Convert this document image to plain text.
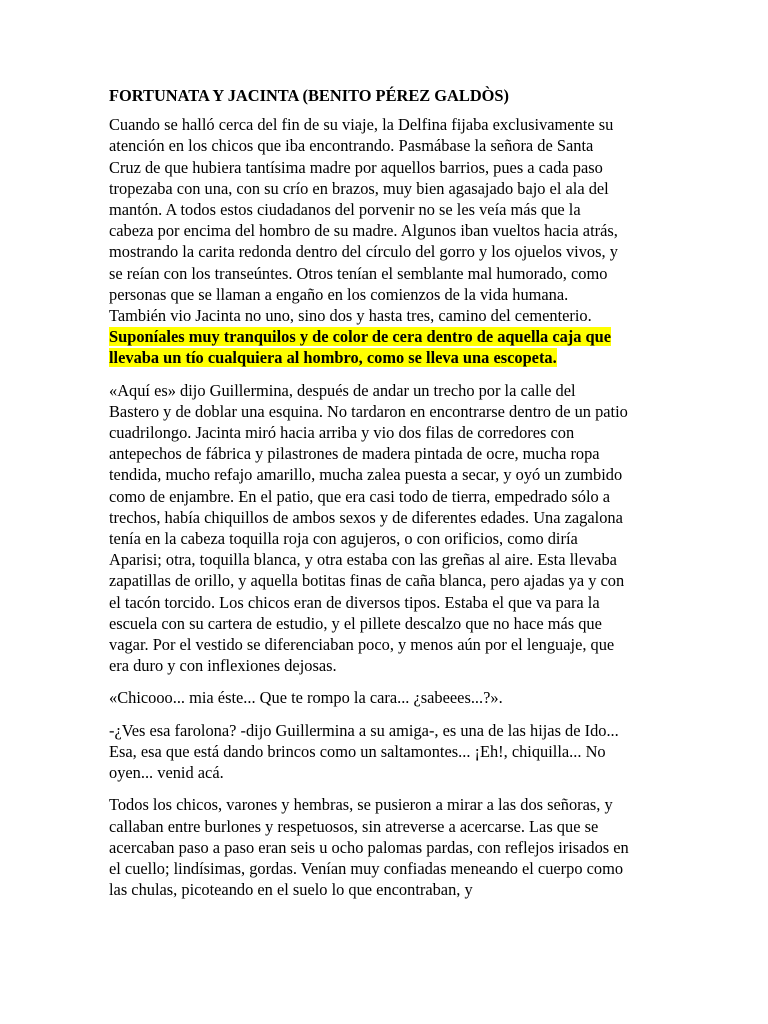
FORTUNATA Y JACINTA (BENITO PÉREZ GALDÒS)

Cuando se halló cerca del fin de su viaje, la Delfina fijaba exclusivamente su atención en los chicos que iba encontrando. Pasmábase la señora de Santa Cruz de que hubiera tantísima madre por aquellos barrios, pues a cada paso tropezaba con una, con su crío en brazos, muy bien agasajado bajo el ala del mantón. A todos estos ciudadanos del porvenir no se les veía más que la cabeza por encima del hombro de su madre. Algunos iban vueltos hacia atrás, mostrando la carita redonda dentro del círculo del gorro y los ojuelos vivos, y se reían con los transeúntes. Otros tenían el semblante mal humorado, como personas que se llaman a engaño en los comienzos de la vida humana. También vio Jacinta no uno, sino dos y hasta tres, camino del cementerio. Suponíales muy tranquilos y de color de cera dentro de aquella caja que llevaba un tío cualquiera al hombro, como se lleva una escopeta.

«Aquí es» dijo Guillermina, después de andar un trecho por la calle del Bastero y de doblar una esquina. No tardaron en encontrarse dentro de un patio cuadrilongo. Jacinta miró hacia arriba y vio dos filas de corredores con antepechos de fábrica y pilastrones de madera pintada de ocre, mucha ropa tendida, mucho refajo amarillo, mucha zalea puesta a secar, y oyó un zumbido como de enjambre. En el patio, que era casi todo de tierra, empedrado sólo a trechos, había chiquillos de ambos sexos y de diferentes edades. Una zagalona tenía en la cabeza toquilla roja con agujeros, o con orificios, como diría Aparisi; otra, toquilla blanca, y otra estaba con las greñas al aire. Esta llevaba zapatillas de orillo, y aquella botitas finas de caña blanca, pero ajadas ya y con el tacón torcido. Los chicos eran de diversos tipos. Estaba el que va para la escuela con su cartera de estudio, y el pillete descalzo que no hace más que vagar. Por el vestido se diferenciaban poco, y menos aún por el lenguaje, que era duro y con inflexiones dejosas.

«Chicooo... mia éste... Que te rompo la cara... ¿sabeees...?».

-¿Ves esa farolona? -dijo Guillermina a su amiga-, es una de las hijas de Ido... Esa, esa que está dando brincos como un saltamontes... ¡Eh!, chiquilla... No oyen... venid acá.

Todos los chicos, varones y hembras, se pusieron a mirar a las dos señoras, y callaban entre burlones y respetuosos, sin atreverse a acercarse. Las que se acercaban paso a paso eran seis u ocho palomas pardas, con reflejos irisados en el cuello; lindísimas, gordas. Venían muy confiadas meneando el cuerpo como las chulas, picoteando en el suelo lo que encontraban, y
